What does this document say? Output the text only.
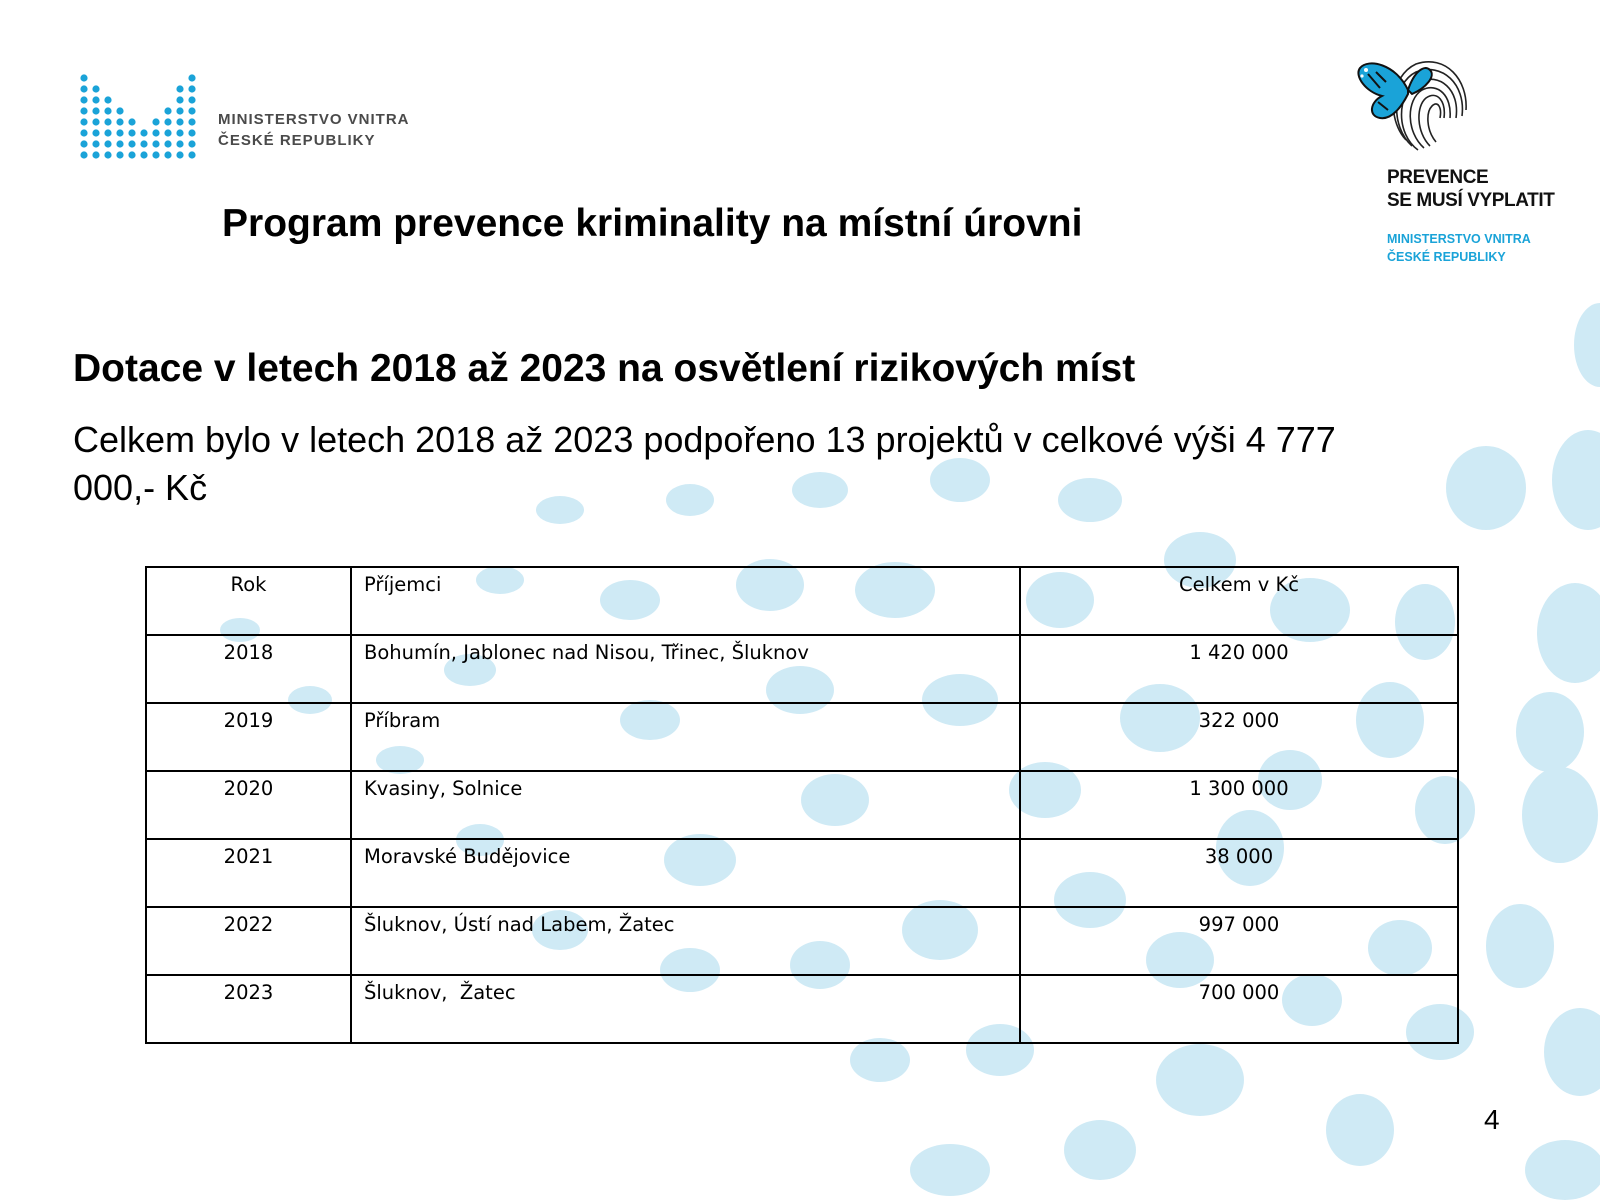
MINISTERSTVO VNITRA
ČESKÉ REPUBLIKY
PREVENCE
SE MUSÍ VYPLATIT
MINISTERSTVO VNITRA
ČESKÉ REPUBLIKY
Program prevence kriminality na místní úrovni
Dotace v letech 2018 až 2023 na osvětlení rizikových míst
Celkem bylo v letech 2018 až 2023 podpořeno 13 projektů v celkové výši 4 777 000,- Kč
Rok	Příjemci	Celkem v Kč
2018	Bohumín, Jablonec nad Nisou, Třinec, Šluknov	1 420 000
2019	Příbram	322 000
2020	Kvasiny, Solnice	1 300 000
2021	Moravské Budějovice	38 000
2022	Šluknov, Ústí nad Labem, Žatec	997 000
2023	Šluknov,  Žatec	700 000
4
